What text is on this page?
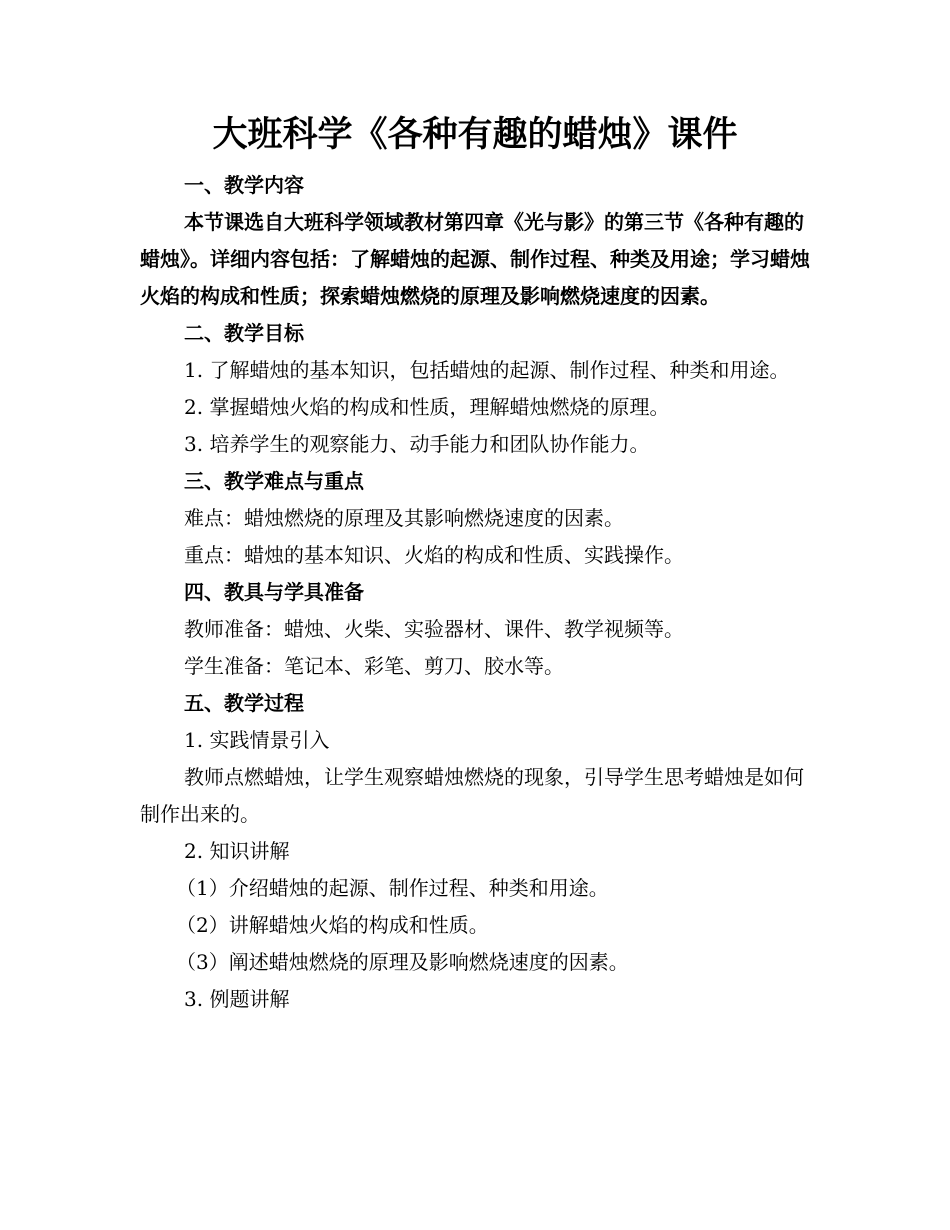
大班科学《各种有趣的蜡烛》课件

一、教学内容

本节课选自大班科学领域教材第四章《光与影》的第三节《各种有趣的蜡烛》。详细内容包括：了解蜡烛的起源、制作过程、种类及用途；学习蜡烛火焰的构成和性质；探索蜡烛燃烧的原理及影响燃烧速度的因素。

二、教学目标

1. 了解蜡烛的基本知识，包括蜡烛的起源、制作过程、种类和用途。

2. 掌握蜡烛火焰的构成和性质，理解蜡烛燃烧的原理。

3. 培养学生的观察能力、动手能力和团队协作能力。

三、教学难点与重点

难点：蜡烛燃烧的原理及其影响燃烧速度的因素。

重点：蜡烛的基本知识、火焰的构成和性质、实践操作。

四、教具与学具准备

教师准备：蜡烛、火柴、实验器材、课件、教学视频等。

学生准备：笔记本、彩笔、剪刀、胶水等。

五、教学过程

1. 实践情景引入

教师点燃蜡烛，让学生观察蜡烛燃烧的现象，引导学生思考蜡烛是如何制作出来的。

2. 知识讲解

（1）介绍蜡烛的起源、制作过程、种类和用途。

（2）讲解蜡烛火焰的构成和性质。

（3）阐述蜡烛燃烧的原理及影响燃烧速度的因素。

3. 例题讲解
